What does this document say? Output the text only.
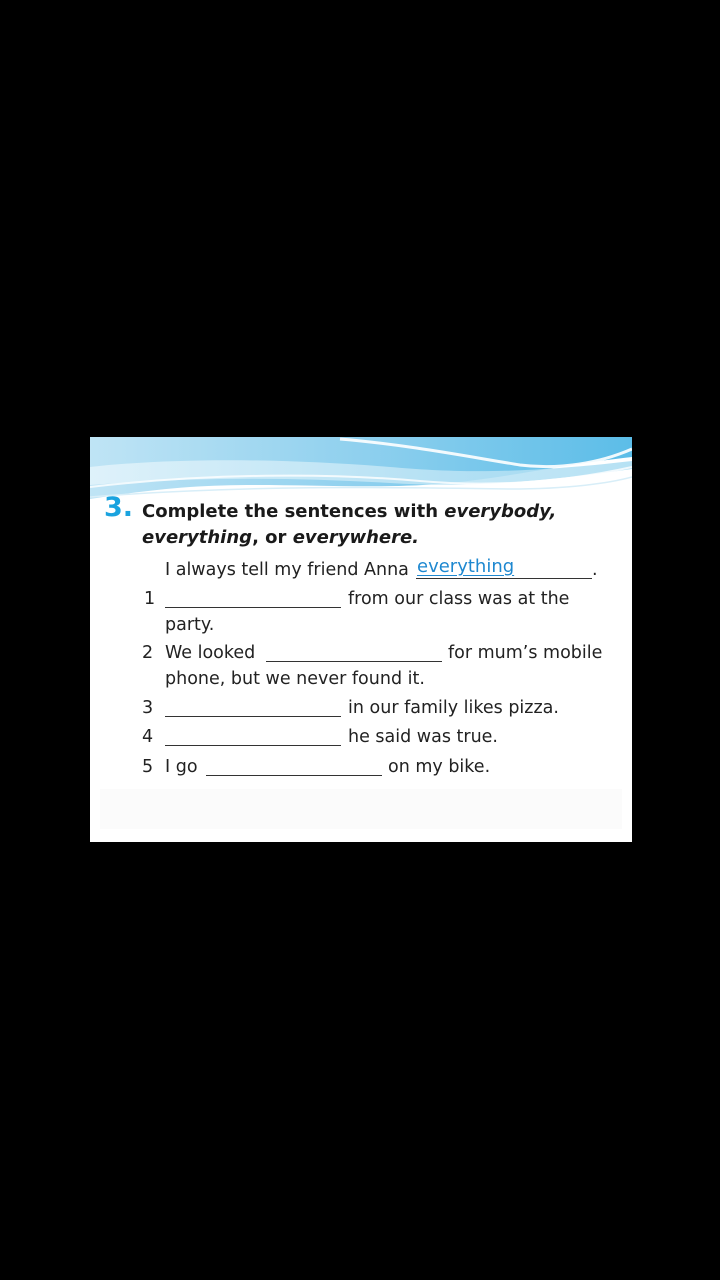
3. Complete the sentences with everybody,
everything, or everywhere.
I always tell my friend Anna everything	.
1	from our class was at the
party.
2 We looked	for mum’s mobile
phone, but we never found it.
3	in our family likes pizza.
4	he said was true.
5 I go	on my bike.
